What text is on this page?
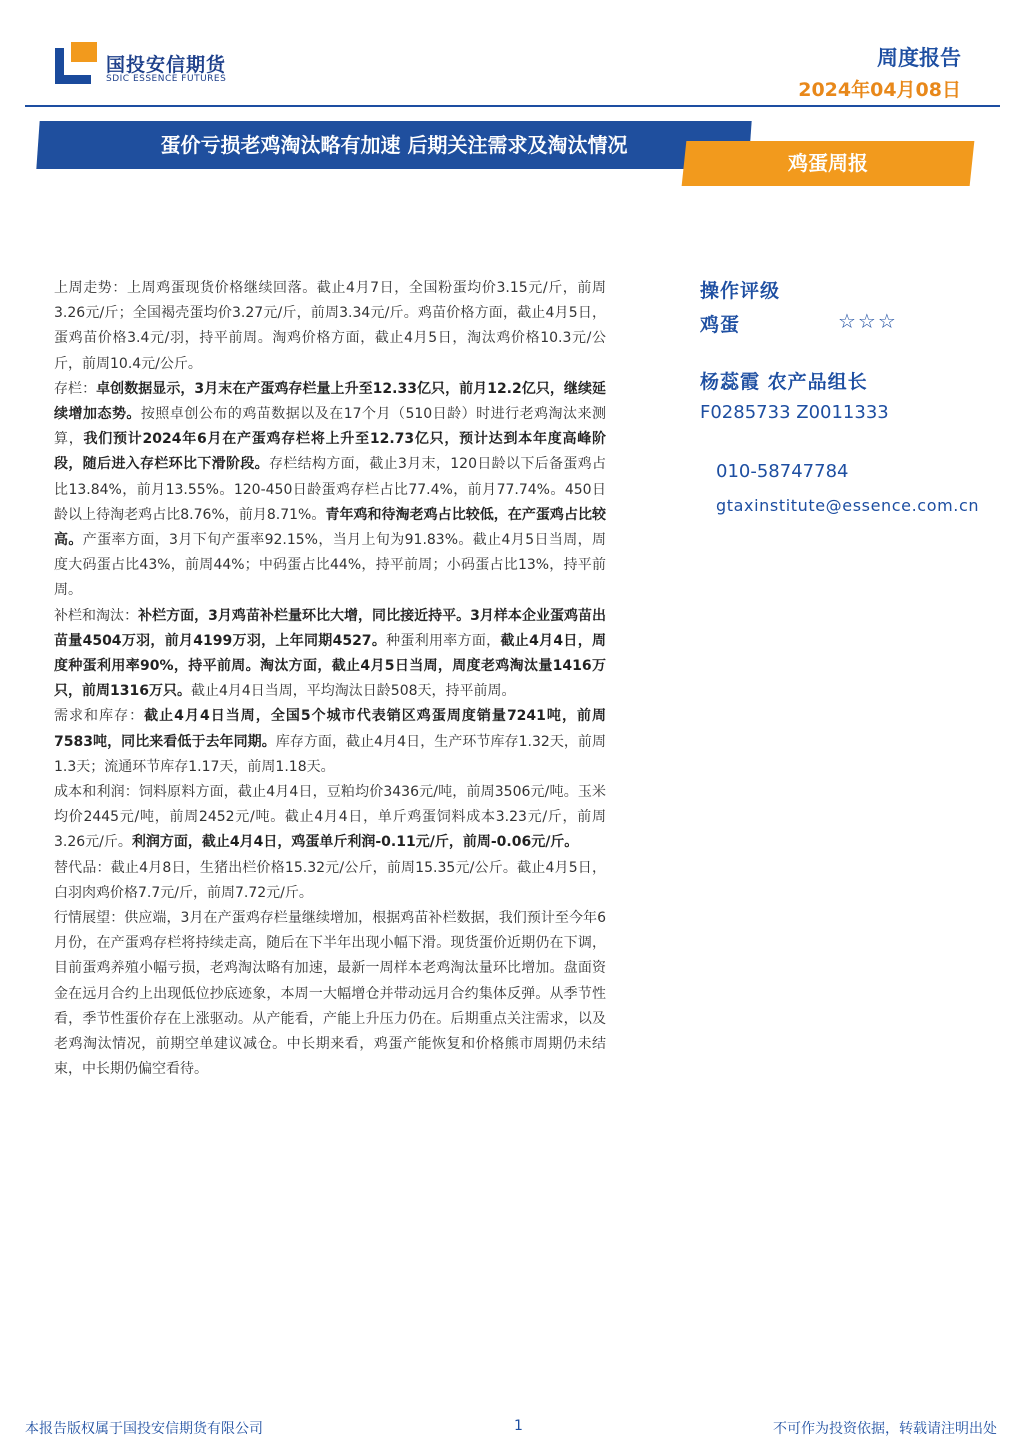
国投安信期货
SDIC ESSENCE FUTURES
周度报告
2024年04月08日
蛋价亏损老鸡淘汰略有加速 后期关注需求及淘汰情况
鸡蛋周报

上周走势：上周鸡蛋现货价格继续回落。截止4月7日，全国粉蛋均价3.15元/斤，前周3.26元/斤；全国褐壳蛋均价3.27元/斤，前周3.34元/斤。鸡苗价格方面，截止4月5日，蛋鸡苗价格3.4元/羽，持平前周。淘鸡价格方面，截止4月5日，淘汰鸡价格10.3元/公斤，前周10.4元/公斤。

存栏：卓创数据显示，3月末在产蛋鸡存栏量上升至12.33亿只，前月12.2亿只，继续延续增加态势。按照卓创公布的鸡苗数据以及在17个月（510日龄）时进行老鸡淘汰来测算，我们预计2024年6月在产蛋鸡存栏将上升至12.73亿只，预计达到本年度高峰阶段，随后进入存栏环比下滑阶段。存栏结构方面，截止3月末，120日龄以下后备蛋鸡占比13.84%，前月13.55%。120-450日龄蛋鸡存栏占比77.4%，前月77.74%。450日龄以上待淘老鸡占比8.76%，前月8.71%。青年鸡和待淘老鸡占比较低，在产蛋鸡占比较高。产蛋率方面，3月下旬产蛋率92.15%，当月上旬为91.83%。截止4月5日当周，周度大码蛋占比43%，前周44%；中码蛋占比44%，持平前周；小码蛋占比13%，持平前周。

补栏和淘汰：补栏方面，3月鸡苗补栏量环比大增，同比接近持平。3月样本企业蛋鸡苗出苗量4504万羽，前月4199万羽，上年同期4527。种蛋利用率方面，截止4月4日，周度种蛋利用率90%，持平前周。淘汰方面，截止4月5日当周，周度老鸡淘汰量1416万只，前周1316万只。截止4月4日当周，平均淘汰日龄508天，持平前周。

需求和库存：截止4月4日当周，全国5个城市代表销区鸡蛋周度销量7241吨，前周7583吨，同比来看低于去年同期。库存方面，截止4月4日，生产环节库存1.32天，前周1.3天；流通环节库存1.17天，前周1.18天。

成本和利润：饲料原料方面，截止4月4日，豆粕均价3436元/吨，前周3506元/吨。玉米均价2445元/吨，前周2452元/吨。截止4月4日，单斤鸡蛋饲料成本3.23元/斤，前周3.26元/斤。利润方面，截止4月4日，鸡蛋单斤利润-0.11元/斤，前周-0.06元/斤。

替代品：截止4月8日，生猪出栏价格15.32元/公斤，前周15.35元/公斤。截止4月5日，白羽肉鸡价格7.7元/斤，前周7.72元/斤。

行情展望：供应端，3月在产蛋鸡存栏量继续增加，根据鸡苗补栏数据，我们预计至今年6月份，在产蛋鸡存栏将持续走高，随后在下半年出现小幅下滑。现货蛋价近期仍在下调，目前蛋鸡养殖小幅亏损，老鸡淘汰略有加速，最新一周样本老鸡淘汰量环比增加。盘面资金在远月合约上出现低位抄底迹象，本周一大幅增仓并带动远月合约集体反弹。从季节性看，季节性蛋价存在上涨驱动。从产能看，产能上升压力仍在。后期重点关注需求，以及老鸡淘汰情况，前期空单建议减仓。中长期来看，鸡蛋产能恢复和价格熊市周期仍未结束，中长期仍偏空看待。

操作评级
鸡蛋	☆☆☆
杨蕊霞 农产品组长
F0285733 Z0011333
010-58747784
gtaxinstitute@essence.com.cn
本报告版权属于国投安信期货有限公司	1	不可作为投资依据，转载请注明出处
